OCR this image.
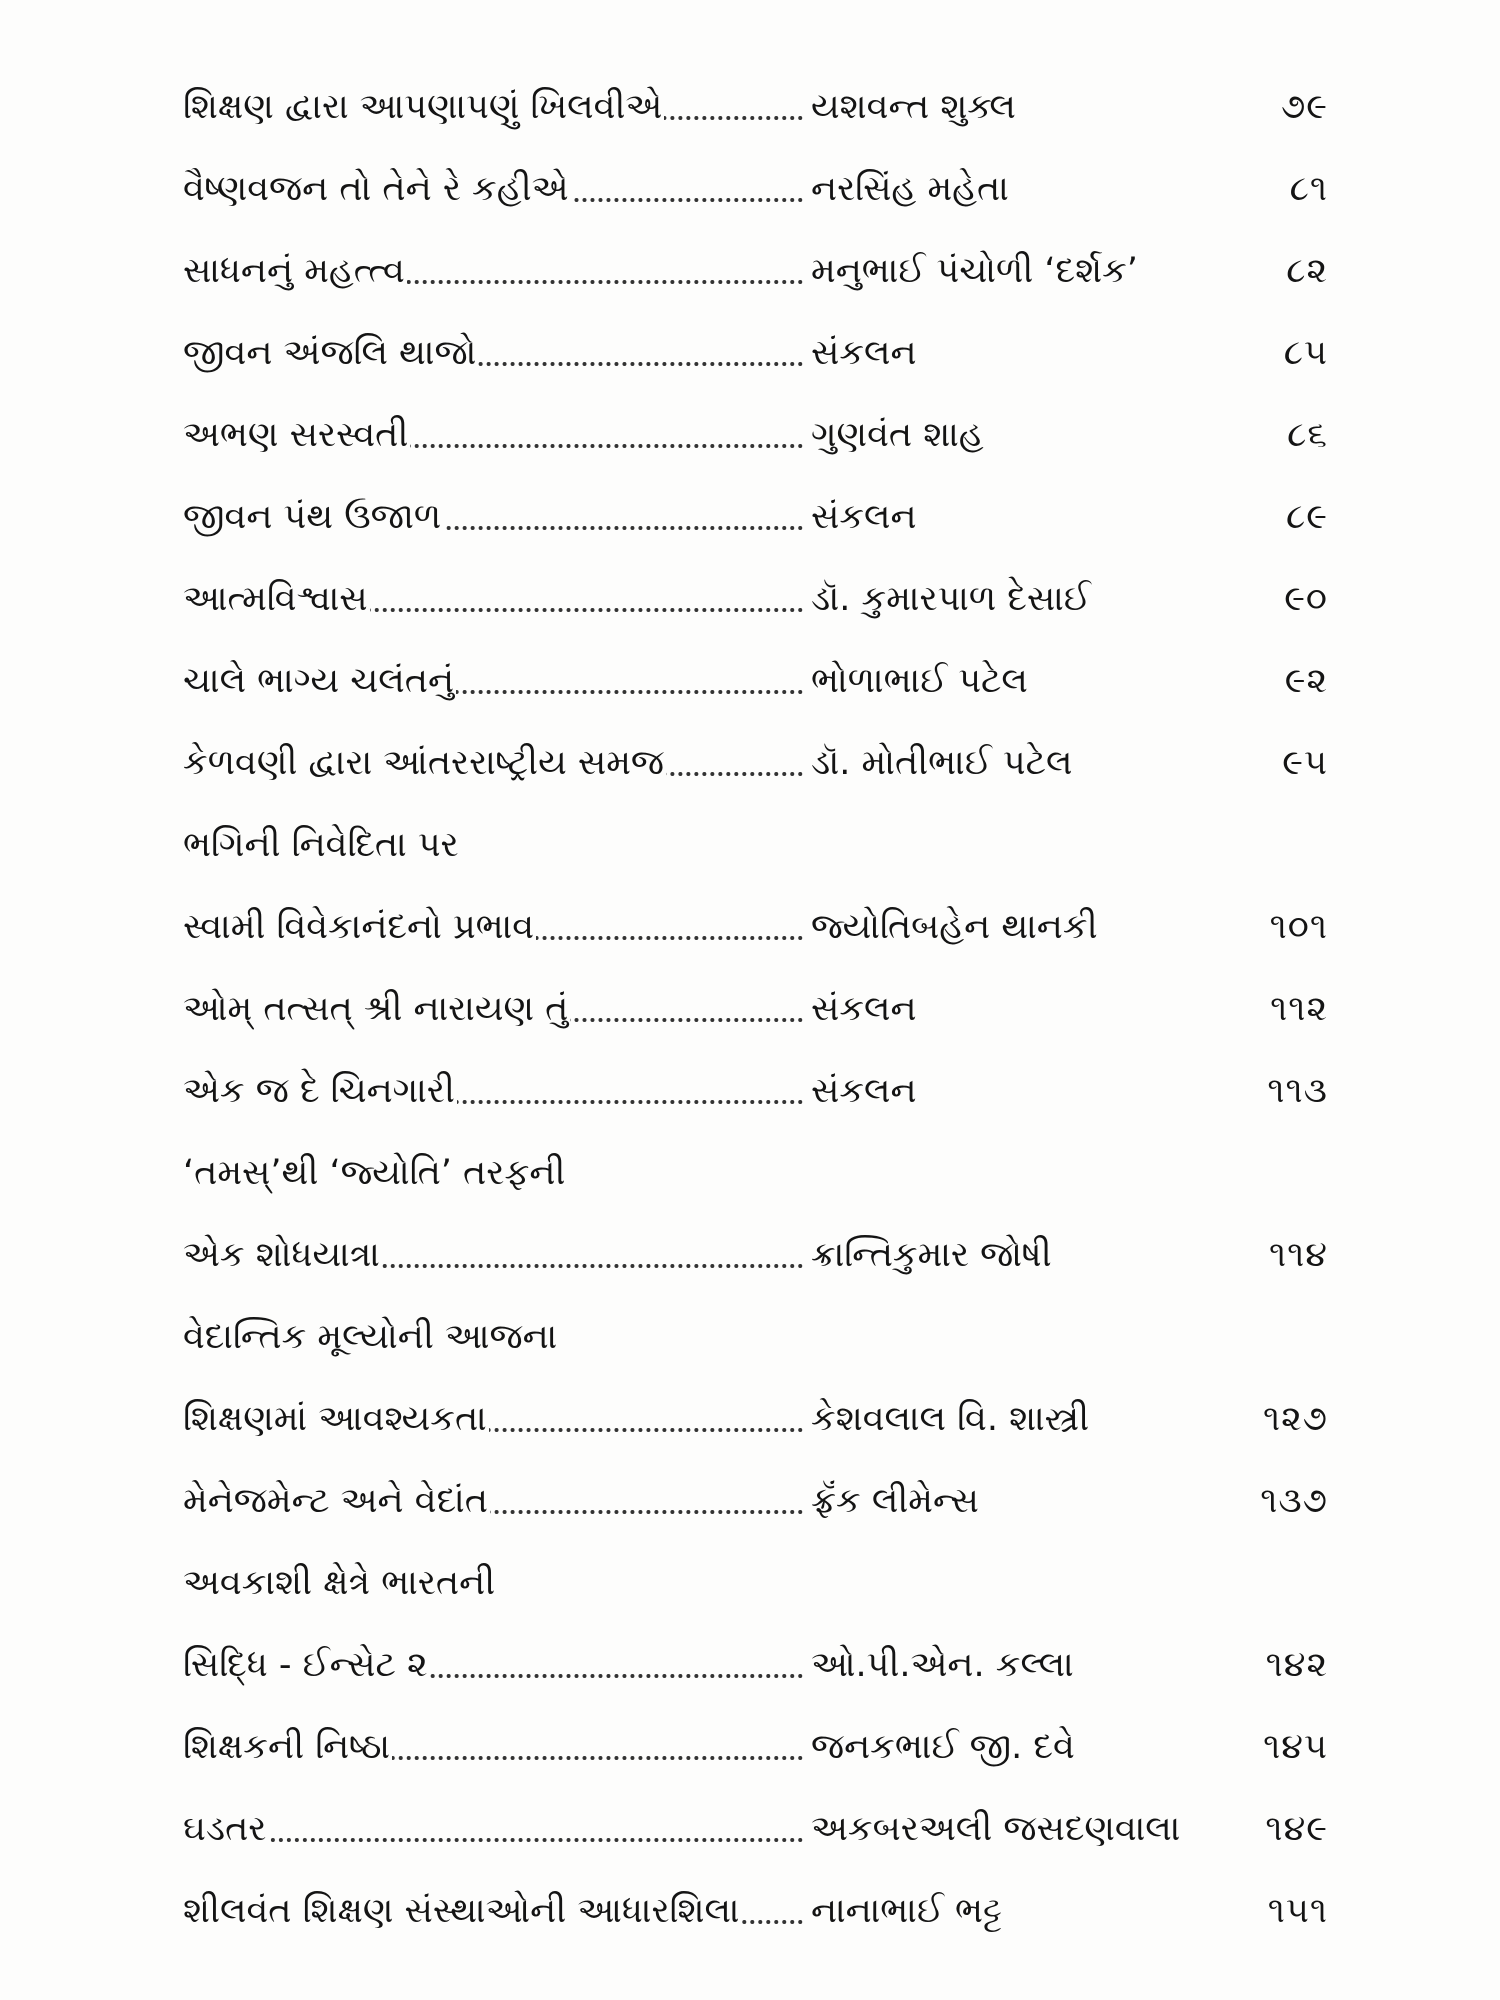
શિક્ષણ દ્વારા આપણાપણું ખિલવીએ	યશવન્ત શુક્લ	૭૯
વૈષ્ણવજન તો તેને રે કહીએ	નરસિંહ મહેતા	૮૧
સાધનનું મહત્ત્વ	મનુભાઈ પંચોળી ‘દર્શક’	૮૨
જીવન અંજલિ થાજો	સંકલન	૮૫
અભણ સરસ્વતી	ગુણવંત શાહ	૮૬
જીવન પંથ ઉજાળ	સંકલન	૮૯
આત્મવિશ્વાસ	ડૉ. કુમારપાળ દેસાઈ	૯૦
ચાલે ભાગ્ય ચલંતનું	ભોળાભાઈ પટેલ	૯૨
કેળવણી દ્વારા આંતરરાષ્ટ્રીય સમજ	ડૉ. મોતીભાઈ પટેલ	૯૫
ભગિની નિવેદિતા પર
સ્વામી વિવેકાનંદનો પ્રભાવ	જ્યોતિબહેન થાનકી	૧૦૧
ઓમ્ તત્સત્ શ્રી નારાયણ તું	સંકલન	૧૧૨
એક જ દે ચિનગારી	સંકલન	૧૧૩
‘તમસ્’થી ‘જ્યોતિ’ તરફની
એક શોધયાત્રા	ક્રાન્તિકુમાર જોષી	૧૧૪
વેદાન્તિક મૂલ્યોની આજના
શિક્ષણમાં આવશ્યકતા	કેશવલાલ વિ. શાસ્ત્રી	૧૨૭
મેનેજમેન્ટ અને વેદાંત	ફ્રૅંક લીમેન્સ	૧૩૭
અવકાશી ક્ષેત્રે ભારતની
સિદ્ધિ - ઈન્સેટ ૨	ઓ.પી.એન. કલ્લા	૧૪૨
શિક્ષકની નિષ્ઠા	જનકભાઈ જી. દવે	૧૪૫
ઘડતર	અકબરઅલી જસદણવાલા	૧૪૯
શીલવંત શિક્ષણ સંસ્થાઓની આધારશિલા	નાનાભાઈ ભટ્ટ	૧૫૧
